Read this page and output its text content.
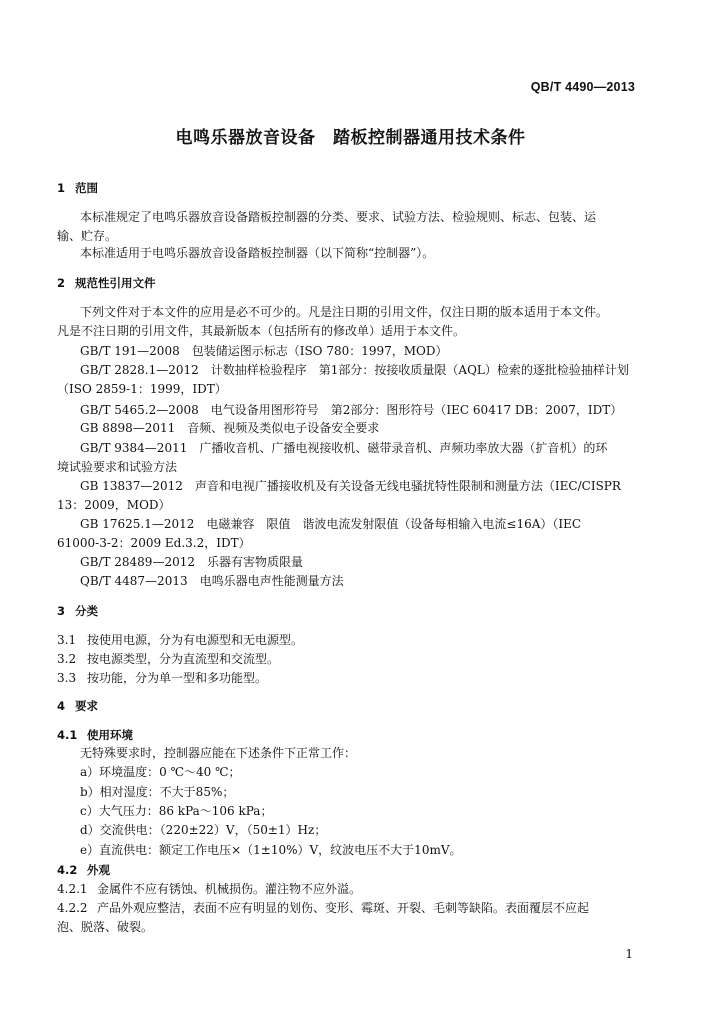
QB/T 4490—2013
电鸣乐器放音设备　踏板控制器通用技术条件
1 范围
本标准规定了电鸣乐器放音设备踏板控制器的分类、要求、试验方法、检验规则、标志、包装、运
输、贮存。
本标准适用于电鸣乐器放音设备踏板控制器（以下简称“控制器”）。
2 规范性引用文件
下列文件对于本文件的应用是必不可少的。凡是注日期的引用文件，仅注日期的版本适用于本文件。
凡是不注日期的引用文件，其最新版本（包括所有的修改单）适用于本文件。
GB/T 191—2008　包装储运图示标志（ISO 780：1997，MOD）
GB/T 2828.1—2012　计数抽样检验程序　第1部分：按接收质量限（AQL）检索的逐批检验抽样计划
（ISO 2859-1：1999，IDT）
GB/T 5465.2—2008　电气设备用图形符号　第2部分：图形符号（IEC 60417 DB：2007，IDT）
GB 8898—2011　音频、视频及类似电子设备安全要求
GB/T 9384—2011　广播收音机、广播电视接收机、磁带录音机、声频功率放大器（扩音机）的环
境试验要求和试验方法
GB 13837—2012　声音和电视广播接收机及有关设备无线电骚扰特性限制和测量方法（IEC/CISPR
13：2009，MOD）
GB 17625.1—2012　电磁兼容　限值　谐波电流发射限值（设备每相输入电流≤16A）（IEC
61000-3-2：2009 Ed.3.2，IDT）
GB/T 28489—2012　乐器有害物质限量
QB/T 4487—2013　电鸣乐器电声性能测量方法
3 分类
3.1 按使用电源，分为有电源型和无电源型。
3.2 按电源类型，分为直流型和交流型。
3.3 按功能，分为单一型和多功能型。
4 要求
4.1 使用环境
无特殊要求时，控制器应能在下述条件下正常工作：
a）环境温度：0 ℃～40 ℃；
b）相对湿度：不大于85%；
c）大气压力：86 kPa～106 kPa；
d）交流供电：（220±22）V，（50±1）Hz；
e）直流供电：额定工作电压×（1±10%）V，纹波电压不大于10mV。
4.2 外观
4.2.1 金属件不应有锈蚀、机械损伤。灌注物不应外溢。
4.2.2 产品外观应整洁，表面不应有明显的划伤、变形、霉斑、开裂、毛刺等缺陷。表面覆层不应起
泡、脱落、破裂。
1
